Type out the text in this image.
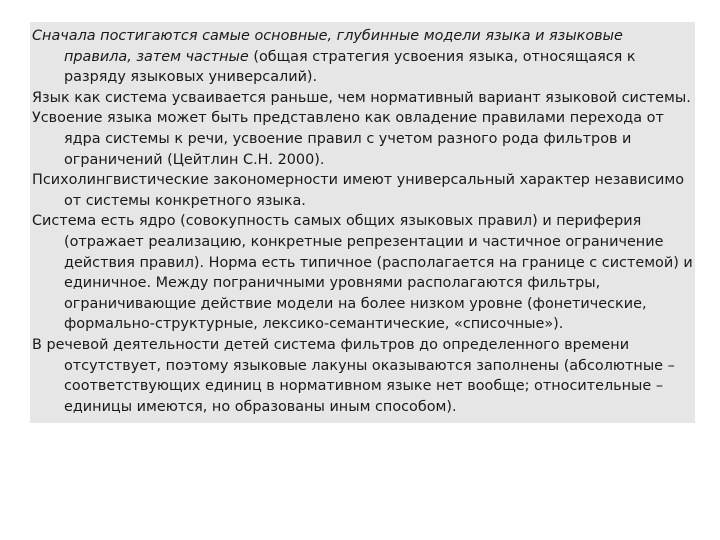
Сначала постигаются самые основные, глубинные модели языка и языковые правила, затем частные (общая стратегия усвоения языка, относящаяся к разряду языковых универсалий).

Язык как система усваивается раньше, чем нормативный вариант языковой системы.

Усвоение языка может быть представлено как овладение правилами перехода от ядра системы к речи, усвоение правил с учетом разного рода фильтров и ограничений (Цейтлин С.Н. 2000).

Психолингвистические закономерности имеют универсальный характер независимо от системы конкретного языка.

Система есть ядро (совокупность самых общих языковых правил) и периферия (отражает реализацию, конкретные репрезентации и частичное ограничение действия правил). Норма есть типичное (располагается на границе с системой) и единичное. Между пограничными уровнями располагаются фильтры, ограничивающие действие модели на более низком уровне (фонетические, формально-структурные, лексико-семантические, «списочные»).

В речевой деятельности детей система фильтров до определенного времени отсутствует, поэтому языковые лакуны оказываются заполнены (абсолютные – соответствующих единиц в нормативном языке нет вообще; относительные – единицы имеются, но образованы иным способом).
